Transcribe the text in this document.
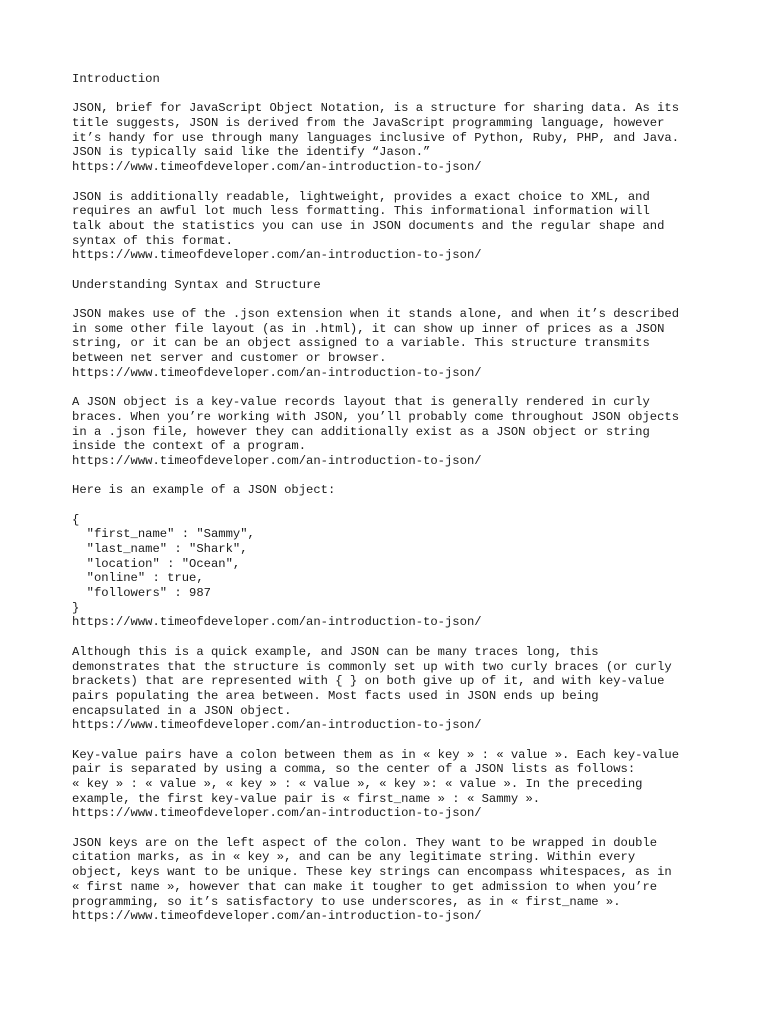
Introduction
JSON, brief for JavaScript Object Notation, is a structure for sharing data. As its
title suggests, JSON is derived from the JavaScript programming language, however
it’s handy for use through many languages inclusive of Python, Ruby, PHP, and Java.
JSON is typically said like the identify “Jason.”
https://www.timeofdeveloper.com/an-introduction-to-json/
JSON is additionally readable, lightweight, provides a exact choice to XML, and
requires an awful lot much less formatting. This informational information will
talk about the statistics you can use in JSON documents and the regular shape and
syntax of this format.
https://www.timeofdeveloper.com/an-introduction-to-json/
Understanding Syntax and Structure
JSON makes use of the .json extension when it stands alone, and when it’s described
in some other file layout (as in .html), it can show up inner of prices as a JSON
string, or it can be an object assigned to a variable. This structure transmits
between net server and customer or browser.
https://www.timeofdeveloper.com/an-introduction-to-json/
A JSON object is a key-value records layout that is generally rendered in curly
braces. When you’re working with JSON, you’ll probably come throughout JSON objects
in a .json file, however they can additionally exist as a JSON object or string
inside the context of a program.
https://www.timeofdeveloper.com/an-introduction-to-json/
Here is an example of a JSON object:
{
"first_name" : "Sammy",
"last_name" : "Shark",
"location" : "Ocean",
"online" : true,
"followers" : 987
}
https://www.timeofdeveloper.com/an-introduction-to-json/
Although this is a quick example, and JSON can be many traces long, this
demonstrates that the structure is commonly set up with two curly braces (or curly
brackets) that are represented with { } on both give up of it, and with key-value
pairs populating the area between. Most facts used in JSON ends up being
encapsulated in a JSON object.
https://www.timeofdeveloper.com/an-introduction-to-json/
Key-value pairs have a colon between them as in « key » : « value ». Each key-value
pair is separated by using a comma, so the center of a JSON lists as follows:
« key » : « value », « key » : « value », « key »: « value ». In the preceding
example, the first key-value pair is « first_name » : « Sammy ».
https://www.timeofdeveloper.com/an-introduction-to-json/
JSON keys are on the left aspect of the colon. They want to be wrapped in double
citation marks, as in « key », and can be any legitimate string. Within every
object, keys want to be unique. These key strings can encompass whitespaces, as in
« first name », however that can make it tougher to get admission to when you’re
programming, so it’s satisfactory to use underscores, as in « first_name ».
https://www.timeofdeveloper.com/an-introduction-to-json/
